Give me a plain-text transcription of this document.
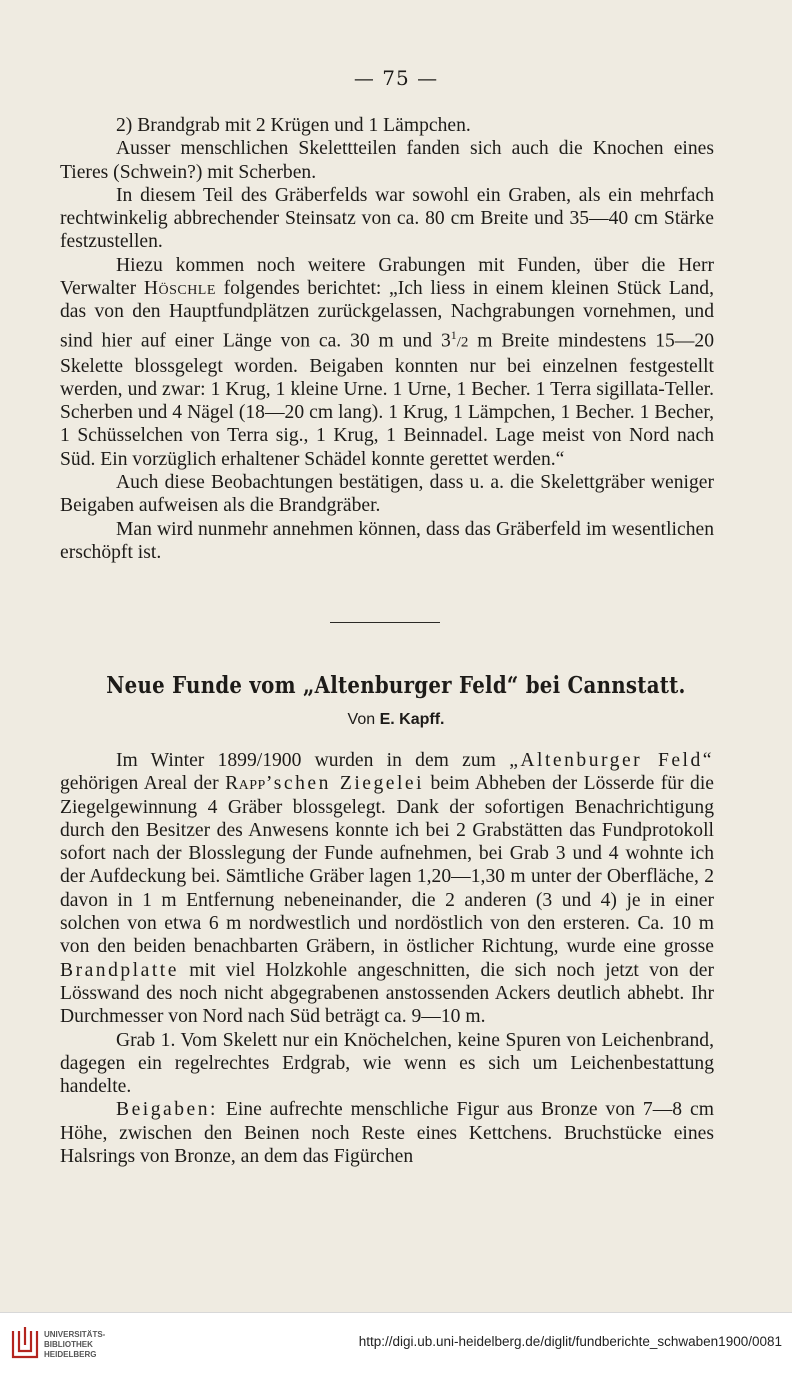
— 75 —

2) Brandgrab mit 2 Krügen und 1 Lämpchen.

Ausser menschlichen Skelettteilen fanden sich auch die Knochen eines Tieres (Schwein?) mit Scherben.

In diesem Teil des Gräberfelds war sowohl ein Graben, als ein mehrfach rechtwinkelig abbrechender Steinsatz von ca. 80 cm Breite und 35—40 cm Stärke festzustellen.

Hiezu kommen noch weitere Grabungen mit Funden, über die Herr Verwalter Höschle folgendes berichtet: „Ich liess in einem kleinen Stück Land, das von den Hauptfundplätzen zurückgelassen, Nachgrabungen vornehmen, und sind hier auf einer Länge von ca. 30 m und $3^1/2$ m Breite mindestens 15—20 Skelette blossgelegt worden. Beigaben konnten nur bei einzelnen festgestellt werden, und zwar: 1 Krug, 1 kleine Urne. 1 Urne, 1 Becher. 1 Terra sigillata-Teller. Scherben und 4 Nägel (18—20 cm lang). 1 Krug, 1 Lämpchen, 1 Becher. 1 Becher, 1 Schüsselchen von Terra sig., 1 Krug, 1 Beinnadel. Lage meist von Nord nach Süd. Ein vorzüglich erhaltener Schädel konnte gerettet werden.“

Auch diese Beobachtungen bestätigen, dass u. a. die Skelettgräber weniger Beigaben aufweisen als die Brandgräber.

Man wird nunmehr annehmen können, dass das Gräberfeld im wesentlichen erschöpft ist.

Neue Funde vom „Altenburger Feld“ bei Cannstatt.
Von E. Kapff.

Im Winter 1899/1900 wurden in dem zum „Altenburger Feld“ gehörigen Areal der Rapp’schen Ziegelei beim Abheben der Lösserde für die Ziegelgewinnung 4 Gräber blossgelegt. Dank der sofortigen Benachrichtigung durch den Besitzer des Anwesens konnte ich bei 2 Grabstätten das Fundprotokoll sofort nach der Blosslegung der Funde aufnehmen, bei Grab 3 und 4 wohnte ich der Aufdeckung bei. Sämtliche Gräber lagen 1,20—1,30 m unter der Oberfläche, 2 davon in 1 m Entfernung nebeneinander, die 2 anderen (3 und 4) je in einer solchen von etwa 6 m nordwestlich und nordöstlich von den ersteren. Ca. 10 m von den beiden benachbarten Gräbern, in östlicher Richtung, wurde eine grosse Brandplatte mit viel Holzkohle angeschnitten, die sich noch jetzt von der Lösswand des noch nicht abgegrabenen anstossenden Ackers deutlich abhebt. Ihr Durchmesser von Nord nach Süd beträgt ca. 9—10 m.

Grab 1. Vom Skelett nur ein Knöchelchen, keine Spuren von Leichenbrand, dagegen ein regelrechtes Erdgrab, wie wenn es sich um Leichenbestattung handelte.

Beigaben: Eine aufrechte menschliche Figur aus Bronze von 7—8 cm Höhe, zwischen den Beinen noch Reste eines Kettchens. Bruchstücke eines Halsrings von Bronze, an dem das Figürchen

UNIVERSITÄTS-
BIBLIOTHEK
HEIDELBERG
http://digi.ub.uni-heidelberg.de/diglit/fundberichte_schwaben1900/0081
